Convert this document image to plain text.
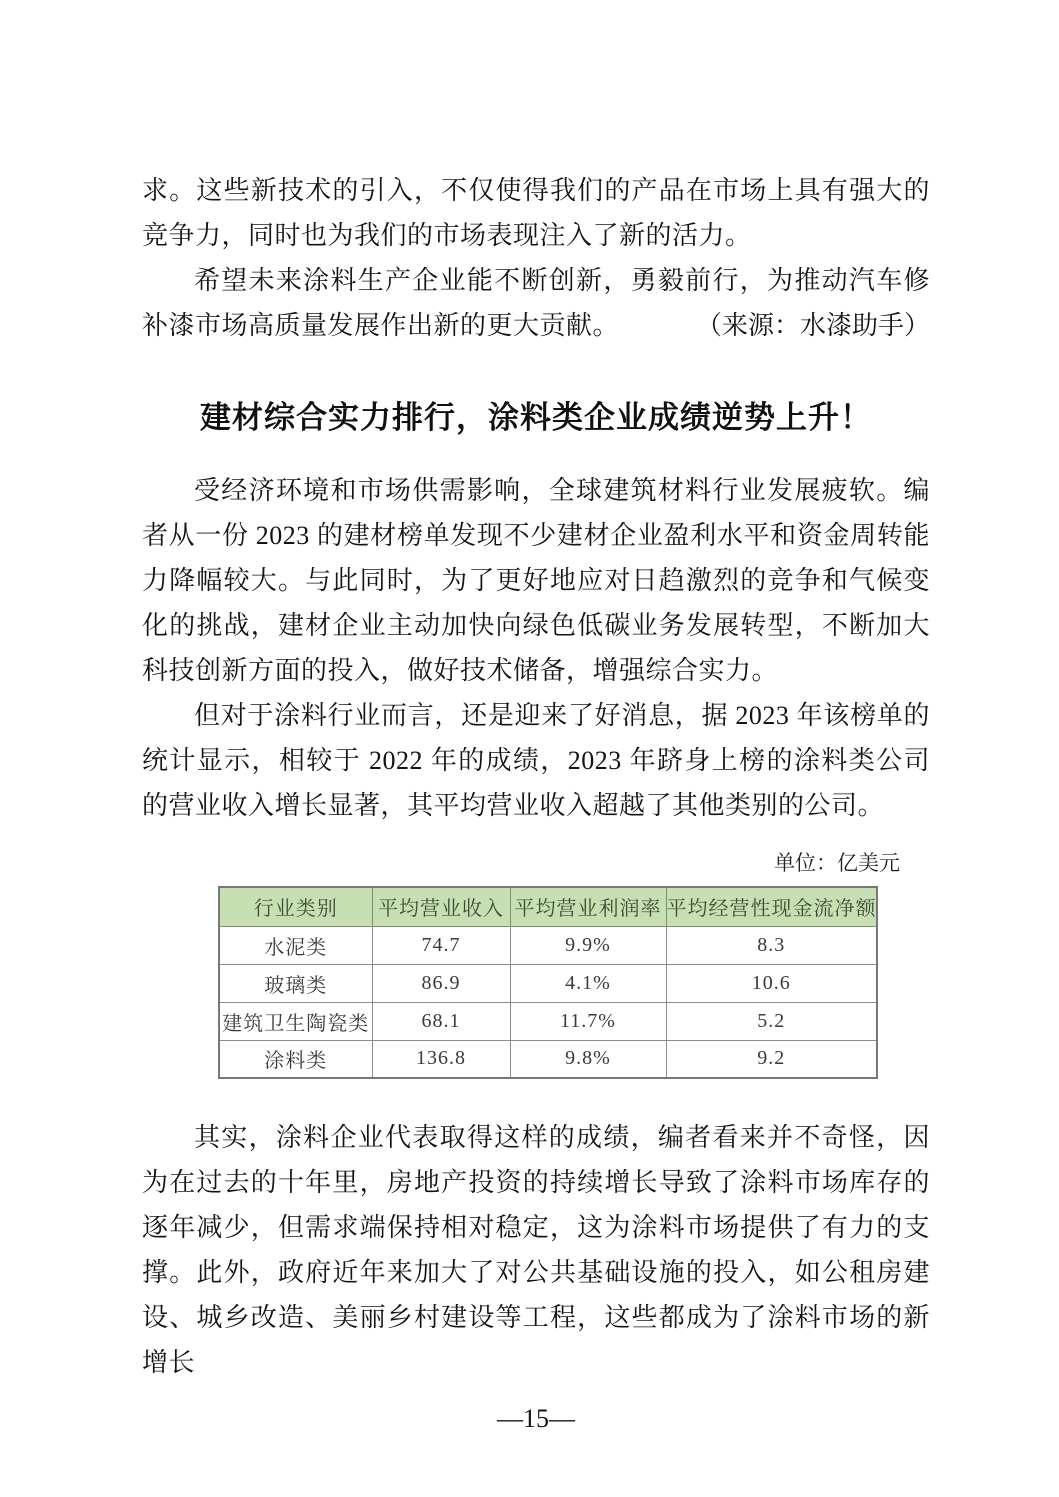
求。这些新技术的引入，不仅使得我们的产品在市场上具有强大的竞争力，同时也为我们的市场表现注入了新的活力。

希望未来涂料生产企业能不断创新，勇毅前行，为推动汽车修补漆市场高质量发展作出新的更大贡献。	（来源：水漆助手）

建材综合实力排行，涂料类企业成绩逆势上升！

受经济环境和市场供需影响，全球建筑材料行业发展疲软。编者从一份 2023 的建材榜单发现不少建材企业盈利水平和资金周转能力降幅较大。与此同时，为了更好地应对日趋激烈的竞争和气候变化的挑战，建材企业主动加快向绿色低碳业务发展转型，不断加大科技创新方面的投入，做好技术储备，增强综合实力。

但对于涂料行业而言，还是迎来了好消息，据 2023 年该榜单的统计显示，相较于 2022 年的成绩，2023 年跻身上榜的涂料类公司的营业收入增长显著，其平均营业收入超越了其他类别的公司。

单位：亿美元
行业类别	平均营业收入	平均营业利润率	平均经营性现金流净额
水泥类	74.7	9.9%	8.3
玻璃类	86.9	4.1%	10.6
建筑卫生陶瓷类	68.1	11.7%	5.2
涂料类	136.8	9.8%	9.2

其实，涂料企业代表取得这样的成绩，编者看来并不奇怪，因为在过去的十年里，房地产投资的持续增长导致了涂料市场库存的逐年减少，但需求端保持相对稳定，这为涂料市场提供了有力的支撑。此外，政府近年来加大了对公共基础设施的投入，如公租房建设、城乡改造、美丽乡村建设等工程，这些都成为了涂料市场的新增长

—15—
